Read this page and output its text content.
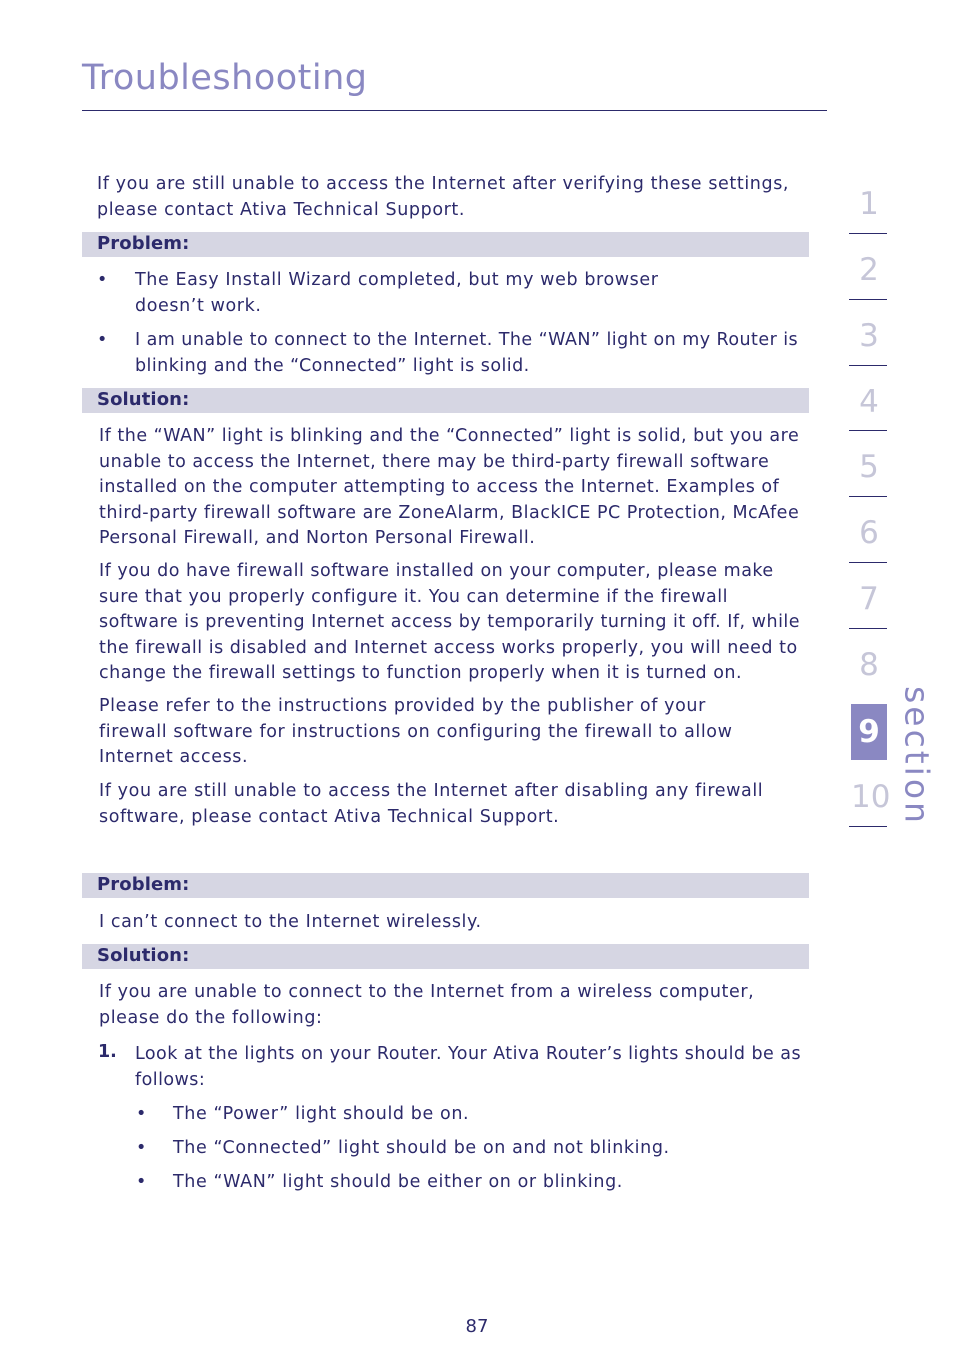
Troubleshooting
If you are still unable to access the Internet after verifying these settings,
please contact Ativa Technical Support.
Problem:
• The Easy Install Wizard completed, but my web browser
doesn’t work.
• I am unable to connect to the Internet. The “WAN” light on my Router is
blinking and the “Connected” light is solid.
Solution:
If the “WAN” light is blinking and the “Connected” light is solid, but you are
unable to access the Internet, there may be third-party firewall software
installed on the computer attempting to access the Internet. Examples of
third-party firewall software are ZoneAlarm, BlackICE PC Protection, McAfee
Personal Firewall, and Norton Personal Firewall.
If you do have firewall software installed on your computer, please make
sure that you properly configure it. You can determine if the firewall
software is preventing Internet access by temporarily turning it off. If, while
the firewall is disabled and Internet access works properly, you will need to
change the firewall settings to function properly when it is turned on.
Please refer to the instructions provided by the publisher of your
firewall software for instructions on configuring the firewall to allow
Internet access.
If you are still unable to access the Internet after disabling any firewall
software, please contact Ativa Technical Support.
Problem:
I can’t connect to the Internet wirelessly.
Solution:
If you are unable to connect to the Internet from a wireless computer,
please do the following:
1. Look at the lights on your Router. Your Ativa Router’s lights should be as
follows:
• The “Power” light should be on.
• The “Connected” light should be on and not blinking.
• The “WAN” light should be either on or blinking.
1
2
3
4
5
6
7
8
9
10 section
87
